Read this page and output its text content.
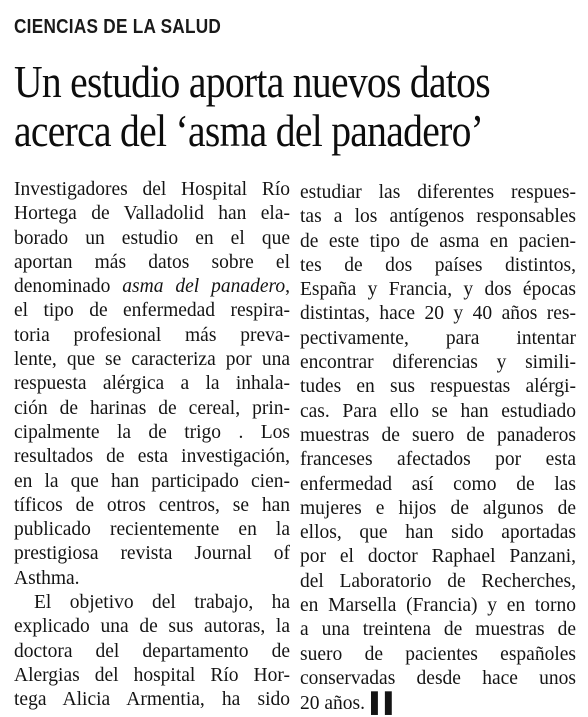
CIENCIAS DE LA SALUD
Un estudio aporta nuevos datos
acerca del ‘asma del panadero’
Investigadores del Hospital Río
Hortega de Valladolid han ela-
borado un estudio en el que
aportan más datos sobre el
denominado asma del panadero,
el tipo de enfermedad respira-
toria profesional más preva-
lente, que se caracteriza por una
respuesta alérgica a la inhala-
ción de harinas de cereal, prin-
cipalmente la de trigo . Los
resultados de esta investigación,
en la que han participado cien-
tíficos de otros centros, se han
publicado recientemente en la
prestigiosa revista Journal of
Asthma.
El objetivo del trabajo, ha
explicado una de sus autoras, la
doctora del departamento de
Alergias del hospital Río Hor-
tega Alicia Armentia, ha sido
estudiar las diferentes respues-
tas a los antígenos responsables
de este tipo de asma en pacien-
tes de dos países distintos,
España y Francia, y dos épocas
distintas, hace 20 y 40 años res-
pectivamente, para intentar
encontrar diferencias y simili-
tudes en sus respuestas alérgi-
cas. Para ello se han estudiado
muestras de suero de panaderos
franceses afectados por esta
enfermedad así como de las
mujeres e hijos de algunos de
ellos, que han sido aportadas
por el doctor Raphael Panzani,
del Laboratorio de Recherches,
en Marsella (Francia) y en torno
a una treintena de muestras de
suero de pacientes españoles
conservadas desde hace unos
20 años. ▌▌
